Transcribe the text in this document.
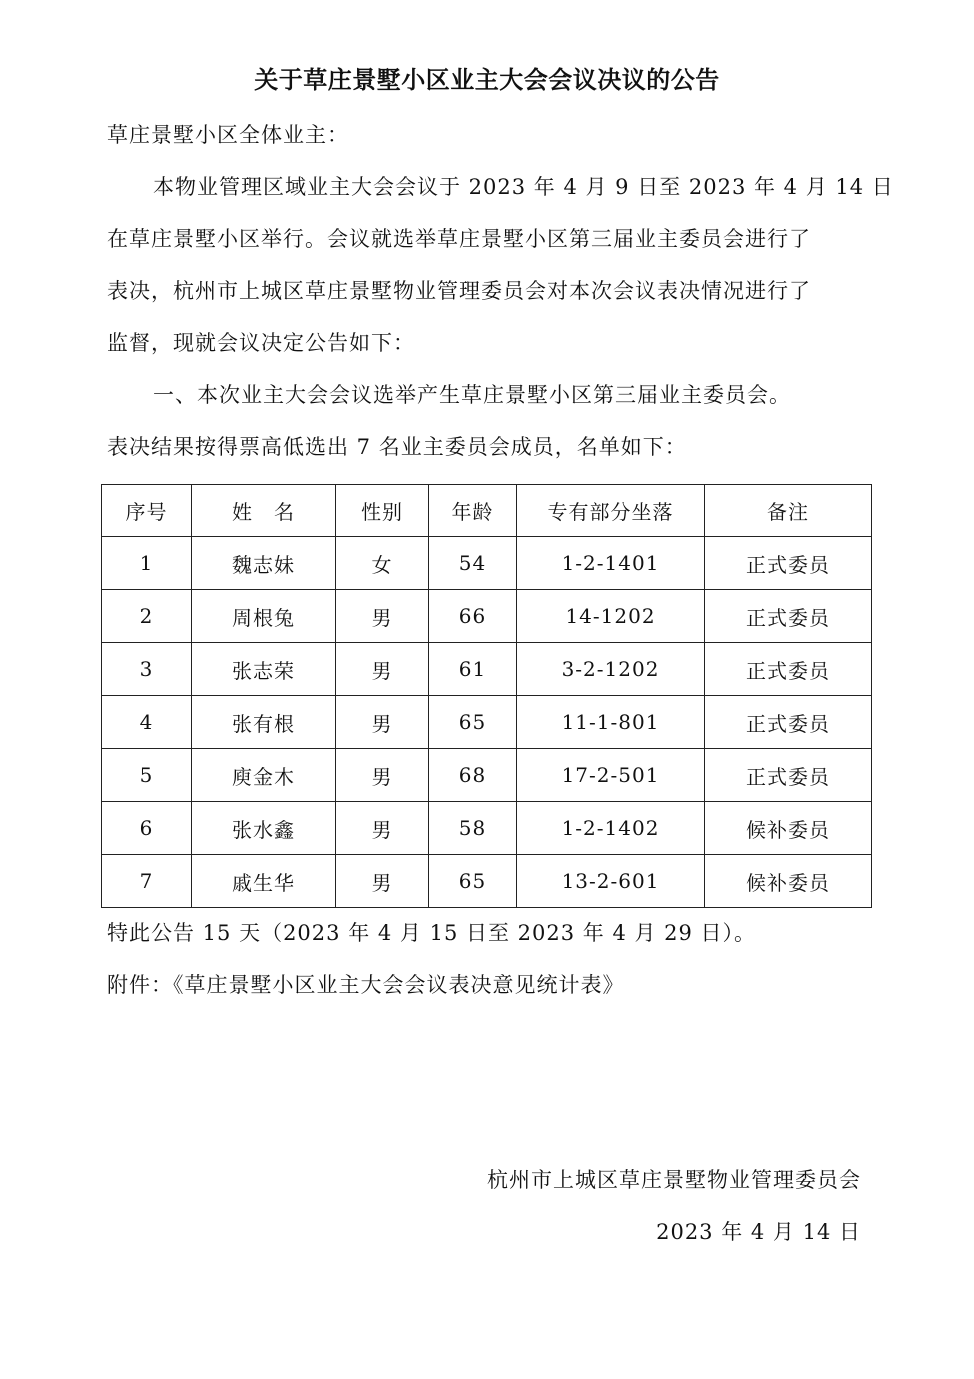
关于草庄景墅小区业主大会会议决议的公告
草庄景墅小区全体业主：
本物业管理区域业主大会会议于 2023 年 4 月 9 日至 2023 年 4 月 14 日
在草庄景墅小区举行。会议就选举草庄景墅小区第三届业主委员会进行了
表决，杭州市上城区草庄景墅物业管理委员会对本次会议表决情况进行了
监督，现就会议决定公告如下：
一、本次业主大会会议选举产生草庄景墅小区第三届业主委员会。
表决结果按得票高低选出 7 名业主委员会成员，名单如下：
序号	姓　名	性别	年龄	专有部分坐落	备注
1	魏志妹	女	54	1-2-1401	正式委员
2	周根兔	男	66	14-1202	正式委员
3	张志荣	男	61	3-2-1202	正式委员
4	张有根	男	65	11-1-801	正式委员
5	庾金木	男	68	17-2-501	正式委员
6	张水鑫	男	58	1-2-1402	候补委员
7	戚生华	男	65	13-2-601	候补委员
特此公告 15 天（2023 年 4 月 15 日至 2023 年 4 月 29 日）。
附件：《草庄景墅小区业主大会会议表决意见统计表》
杭州市上城区草庄景墅物业管理委员会
2023 年 4 月 14 日
